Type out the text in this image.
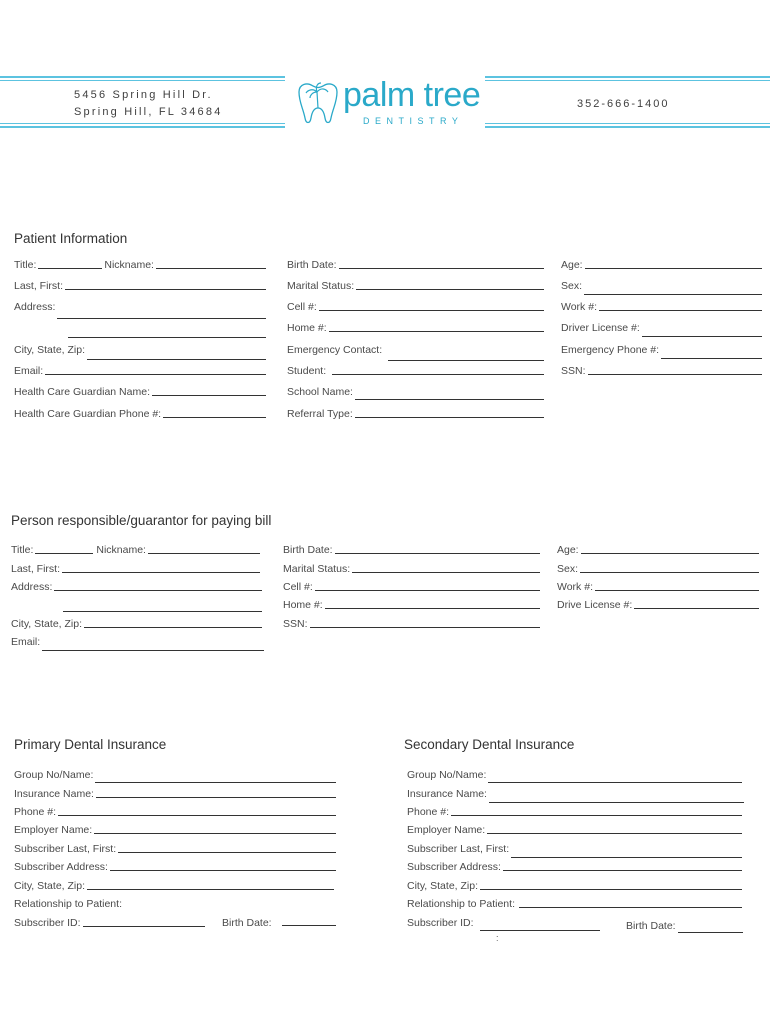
5456 Spring Hill Dr.
Spring Hill, FL 34684
352-666-1400
palm tree
DENTISTRY
Patient Information
Title:	Nickname:
Last, First:
Address:
City, State, Zip:
Email:
Health Care Guardian Name:
Health Care Guardian Phone #:
Birth Date:
Marital Status:
Cell #:
Home #:
Emergency Contact:
Student:
School Name:
Referral Type:
Age:
Sex:
Work #:
Driver License #:
Emergency Phone #:
SSN:
Person responsible/guarantor for paying bill
Title:	Nickname:
Last, First:
Address:
City, State, Zip:
Email:
Birth Date:
Marital Status:
Cell #:
Home #:
SSN:
Age:
Sex:
Work #:
Drive License #:
Primary Dental Insurance
Group No/Name:
Insurance Name:
Phone #:
Employer Name:
Subscriber Last, First:
Subscriber Address:
City, State, Zip:
Relationship to Patient:
Subscriber ID:	Birth Date:
Secondary Dental Insurance
Group No/Name:
Insurance Name:
Phone #:
Employer Name:
Subscriber Last, First:
Subscriber Address:
City, State, Zip:
Relationship to Patient:
Subscriber ID:	Birth Date:
:
